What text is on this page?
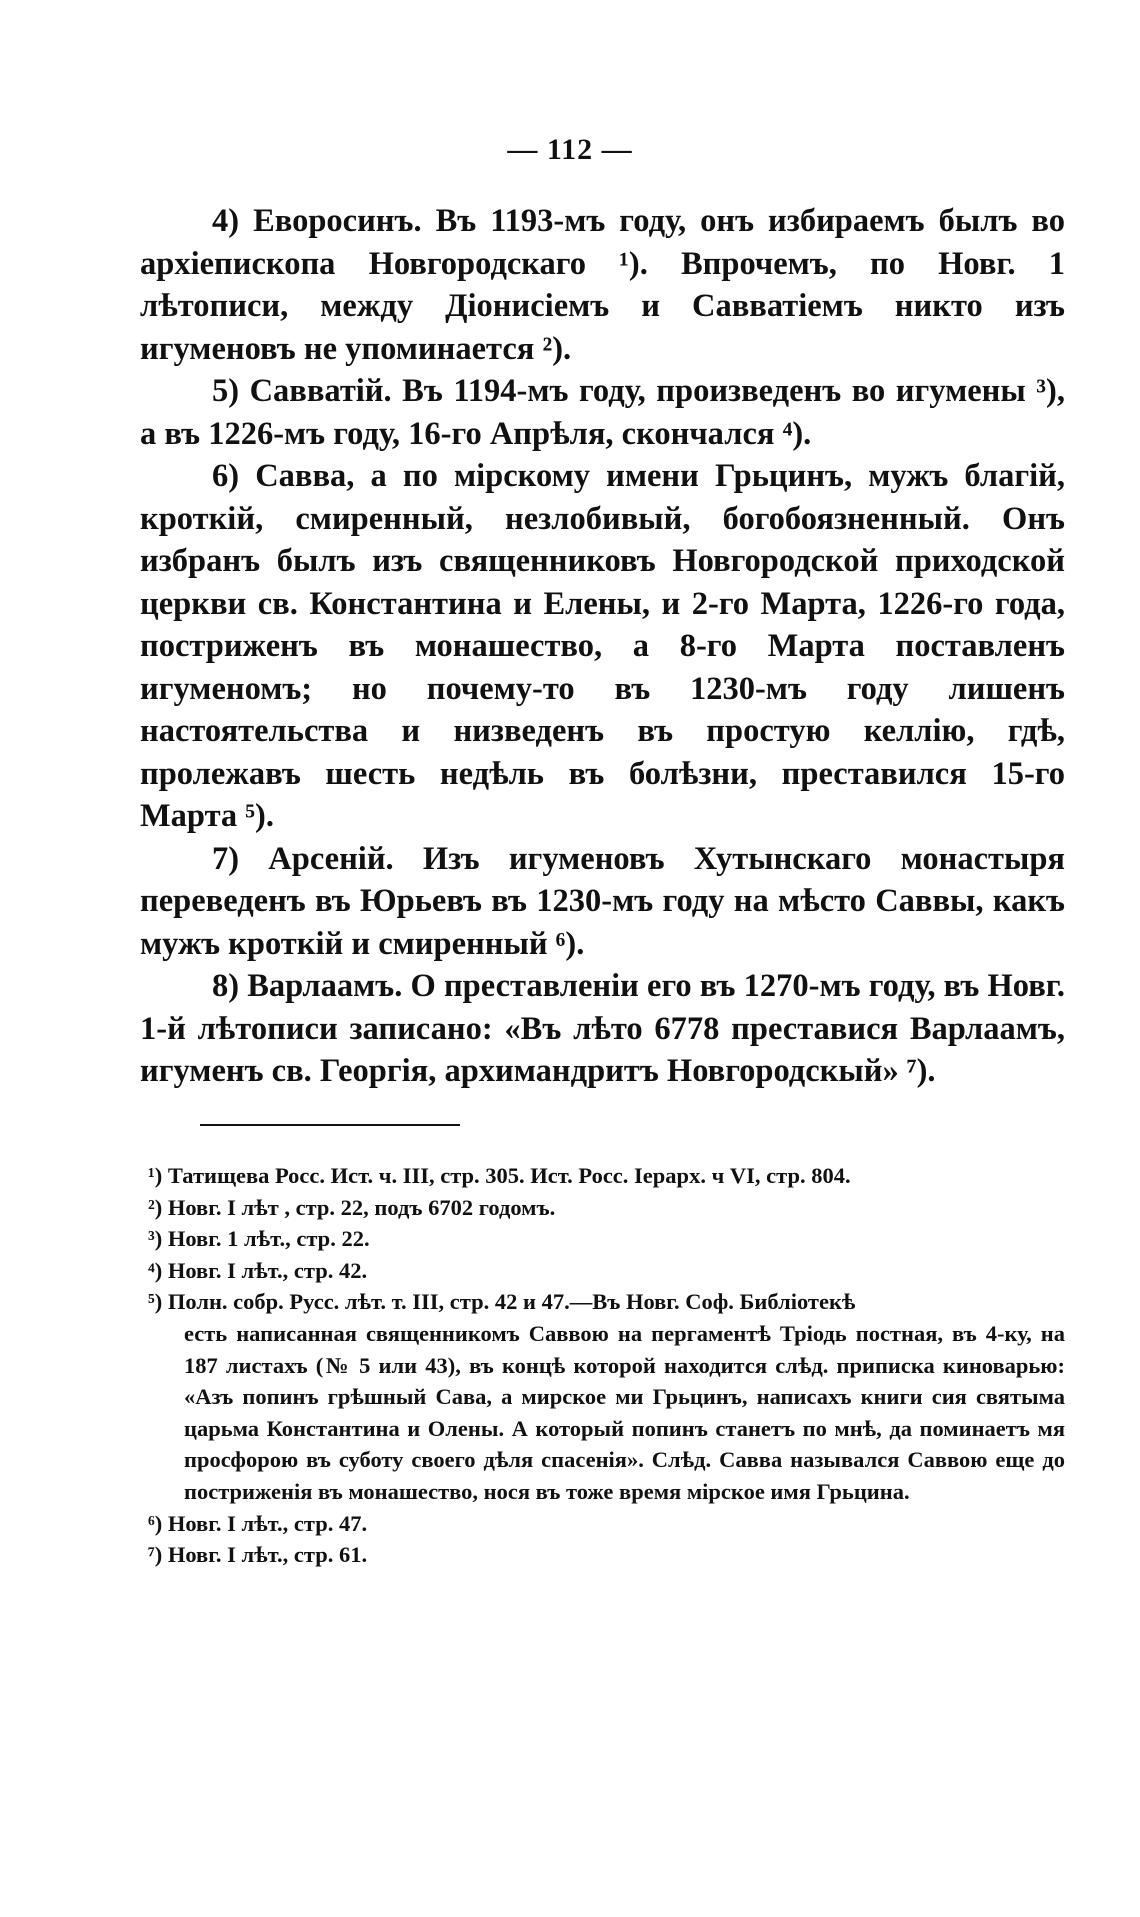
— 112 —

4) Еворосинъ. Въ 1193-мъ году, онъ избираемъ былъ во архіепископа Новгородскаго ¹). Впрочемъ, по Новг. 1 лѣтописи, между Діонисіемъ и Савватіемъ никто изъ игуменовъ не упоминается ²).

5) Савватій. Въ 1194-мъ году, произведенъ во игумены ³), а въ 1226-мъ году, 16-го Апрѣля, скончался ⁴).

6) Савва, а по мірскому имени Грьцинъ, мужъ благій, кроткій, смиренный, незлобивый, богобоязненный. Онъ избранъ былъ изъ священниковъ Новгородской приходской церкви св. Константина и Елены, и 2-го Марта, 1226-го года, постриженъ въ монашество, а 8-го Марта поставленъ игуменомъ; но почему-то въ 1230-мъ году лишенъ настоятельства и низведенъ въ простую келлію, гдѣ, пролежавъ шесть недѣль въ болѣзни, преставился 15-го Марта ⁵).

7) Арсеній. Изъ игуменовъ Хутынскаго монастыря переведенъ въ Юрьевъ въ 1230-мъ году на мѣсто Саввы, какъ мужъ кроткій и смиренный ⁶).

8) Варлаамъ. О преставленіи его въ 1270-мъ году, въ Новг. 1-й лѣтописи записано: «Въ лѣто 6778 преставися Варлаамъ, игуменъ св. Георгія, архимандритъ Новгородскый» ⁷).

¹) Татищева Росс. Ист. ч. III, стр. 305. Ист. Росс. Іерарх. ч VI, стр. 804.

²) Новг. I лѣт , стр. 22, подъ 6702 годомъ.

³) Новг. 1 лѣт., стр. 22.

⁴) Новг. I лѣт., стр. 42.

⁵) Полн. собр. Русс. лѣт. т. III, стр. 42 и 47.—Въ Новг. Соф. Библіотекѣ

есть написанная священникомъ Саввою на пергаментѣ Тріодь постная, въ 4-ку, на 187 листахъ (№ 5 или 43), въ концѣ которой находится слѣд. приписка киноварью: «Азъ попинъ грѣшный Сава, а мирское ми Грьцинъ, написахъ книги сия святыма царьма Константина и Олены. А который попинъ станетъ по мнѣ, да поминаетъ мя просфорою въ суботу своего дѣля спасенія». Слѣд. Савва назывался Саввою еще до постриженія въ монашество, нося въ тоже время мірское имя Грьцина.

⁶) Новг. I лѣт., стр. 47.

⁷) Новг. I лѣт., стр. 61.
